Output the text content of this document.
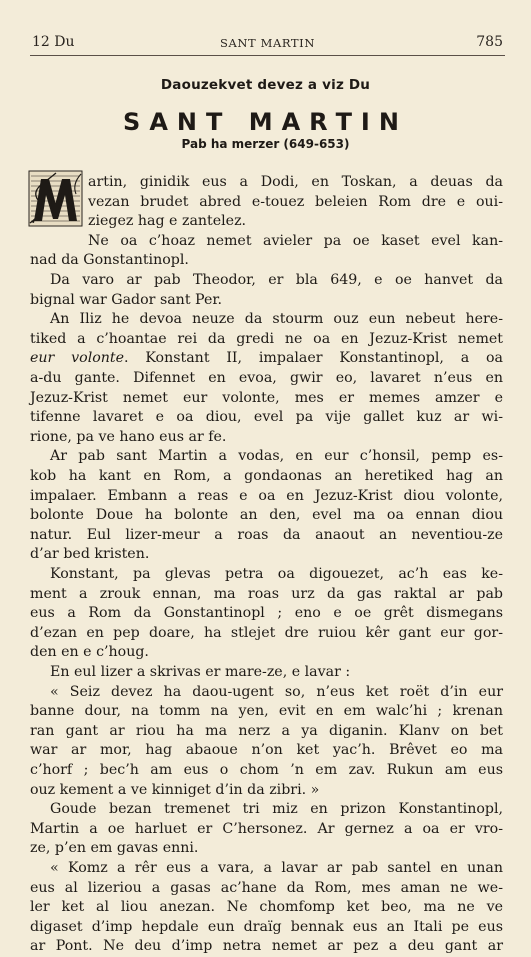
12 Du	SANT MARTIN	785
Daouzekvet devez a viz Du
SANT MARTIN
Pab ha merzer (649-653)
artin, ginidik eus a Dodi, en Toskan, a deuas da
vezan brudet abred e-touez beleien Rom dre e oui-
ziegez hag e zantelez.
Ne oa c’hoaz nemet avieler pa oe kaset evel kan-
nad da Gonstantinopl.
Da varo ar pab Theodor, er bla 649, e oe hanvet da
bignal war Gador sant Per.
An Iliz he devoa neuze da stourm ouz eun nebeut here-
tiked a c’hoantae rei da gredi ne oa en Jezuz-Krist nemet
eur volonte. Konstant II, impalaer Konstantinopl, a oa
a-du gante. Difennet en evoa, gwir eo, lavaret n’eus en
Jezuz-Krist nemet eur volonte, mes er memes amzer e
tifenne lavaret e oa diou, evel pa vije gallet kuz ar wi-
rione, pa ve hano eus ar fe.
Ar pab sant Martin a vodas, en eur c’honsil, pemp es-
kob ha kant en Rom, a gondaonas an heretiked hag an
impalaer. Embann a reas e oa en Jezuz-Krist diou volonte,
bolonte Doue ha bolonte an den, evel ma oa ennan diou
natur. Eul lizer-meur a roas da anaout an neventiou-ze
d’ar bed kristen.
Konstant, pa glevas petra oa digouezet, ac’h eas ke-
ment a zrouk ennan, ma roas urz da gas raktal ar pab
eus a Rom da Gonstantinopl ; eno e oe grêt dismegans
d’ezan en pep doare, ha stlejet dre ruiou kêr gant eur gor-
den en e c’houg.
En eul lizer a skrivas er mare-ze, e lavar :
« Seiz devez ha daou-ugent so, n’eus ket roët d’in eur
banne dour, na tomm na yen, evit en em walc’hi ; krenan
ran gant ar riou ha ma nerz a ya diganin. Klanv on bet
war ar mor, hag abaoue n’on ket yac’h. Brêvet eo ma
c’horf ; bec’h am eus o chom ’n em zav. Rukun am eus
ouz kement a ve kinniget d’in da zibri. »
Goude bezan tremenet tri miz en prizon Konstantinopl,
Martin a oe harluet er C’hersonez. Ar gernez a oa er vro-
ze, p’en em gavas enni.
« Komz a rêr eus a vara, a lavar ar pab santel en unan
eus al lizeriou a gasas ac’hane da Rom, mes aman ne we-
ler ket al liou anezan. Ne chomfomp ket beo, ma ne ve
digaset d’imp hepdale eun draïg bennak eus an Itali pe eus
ar Pont. Ne deu d’imp netra nemet ar pez a deu gant ar
